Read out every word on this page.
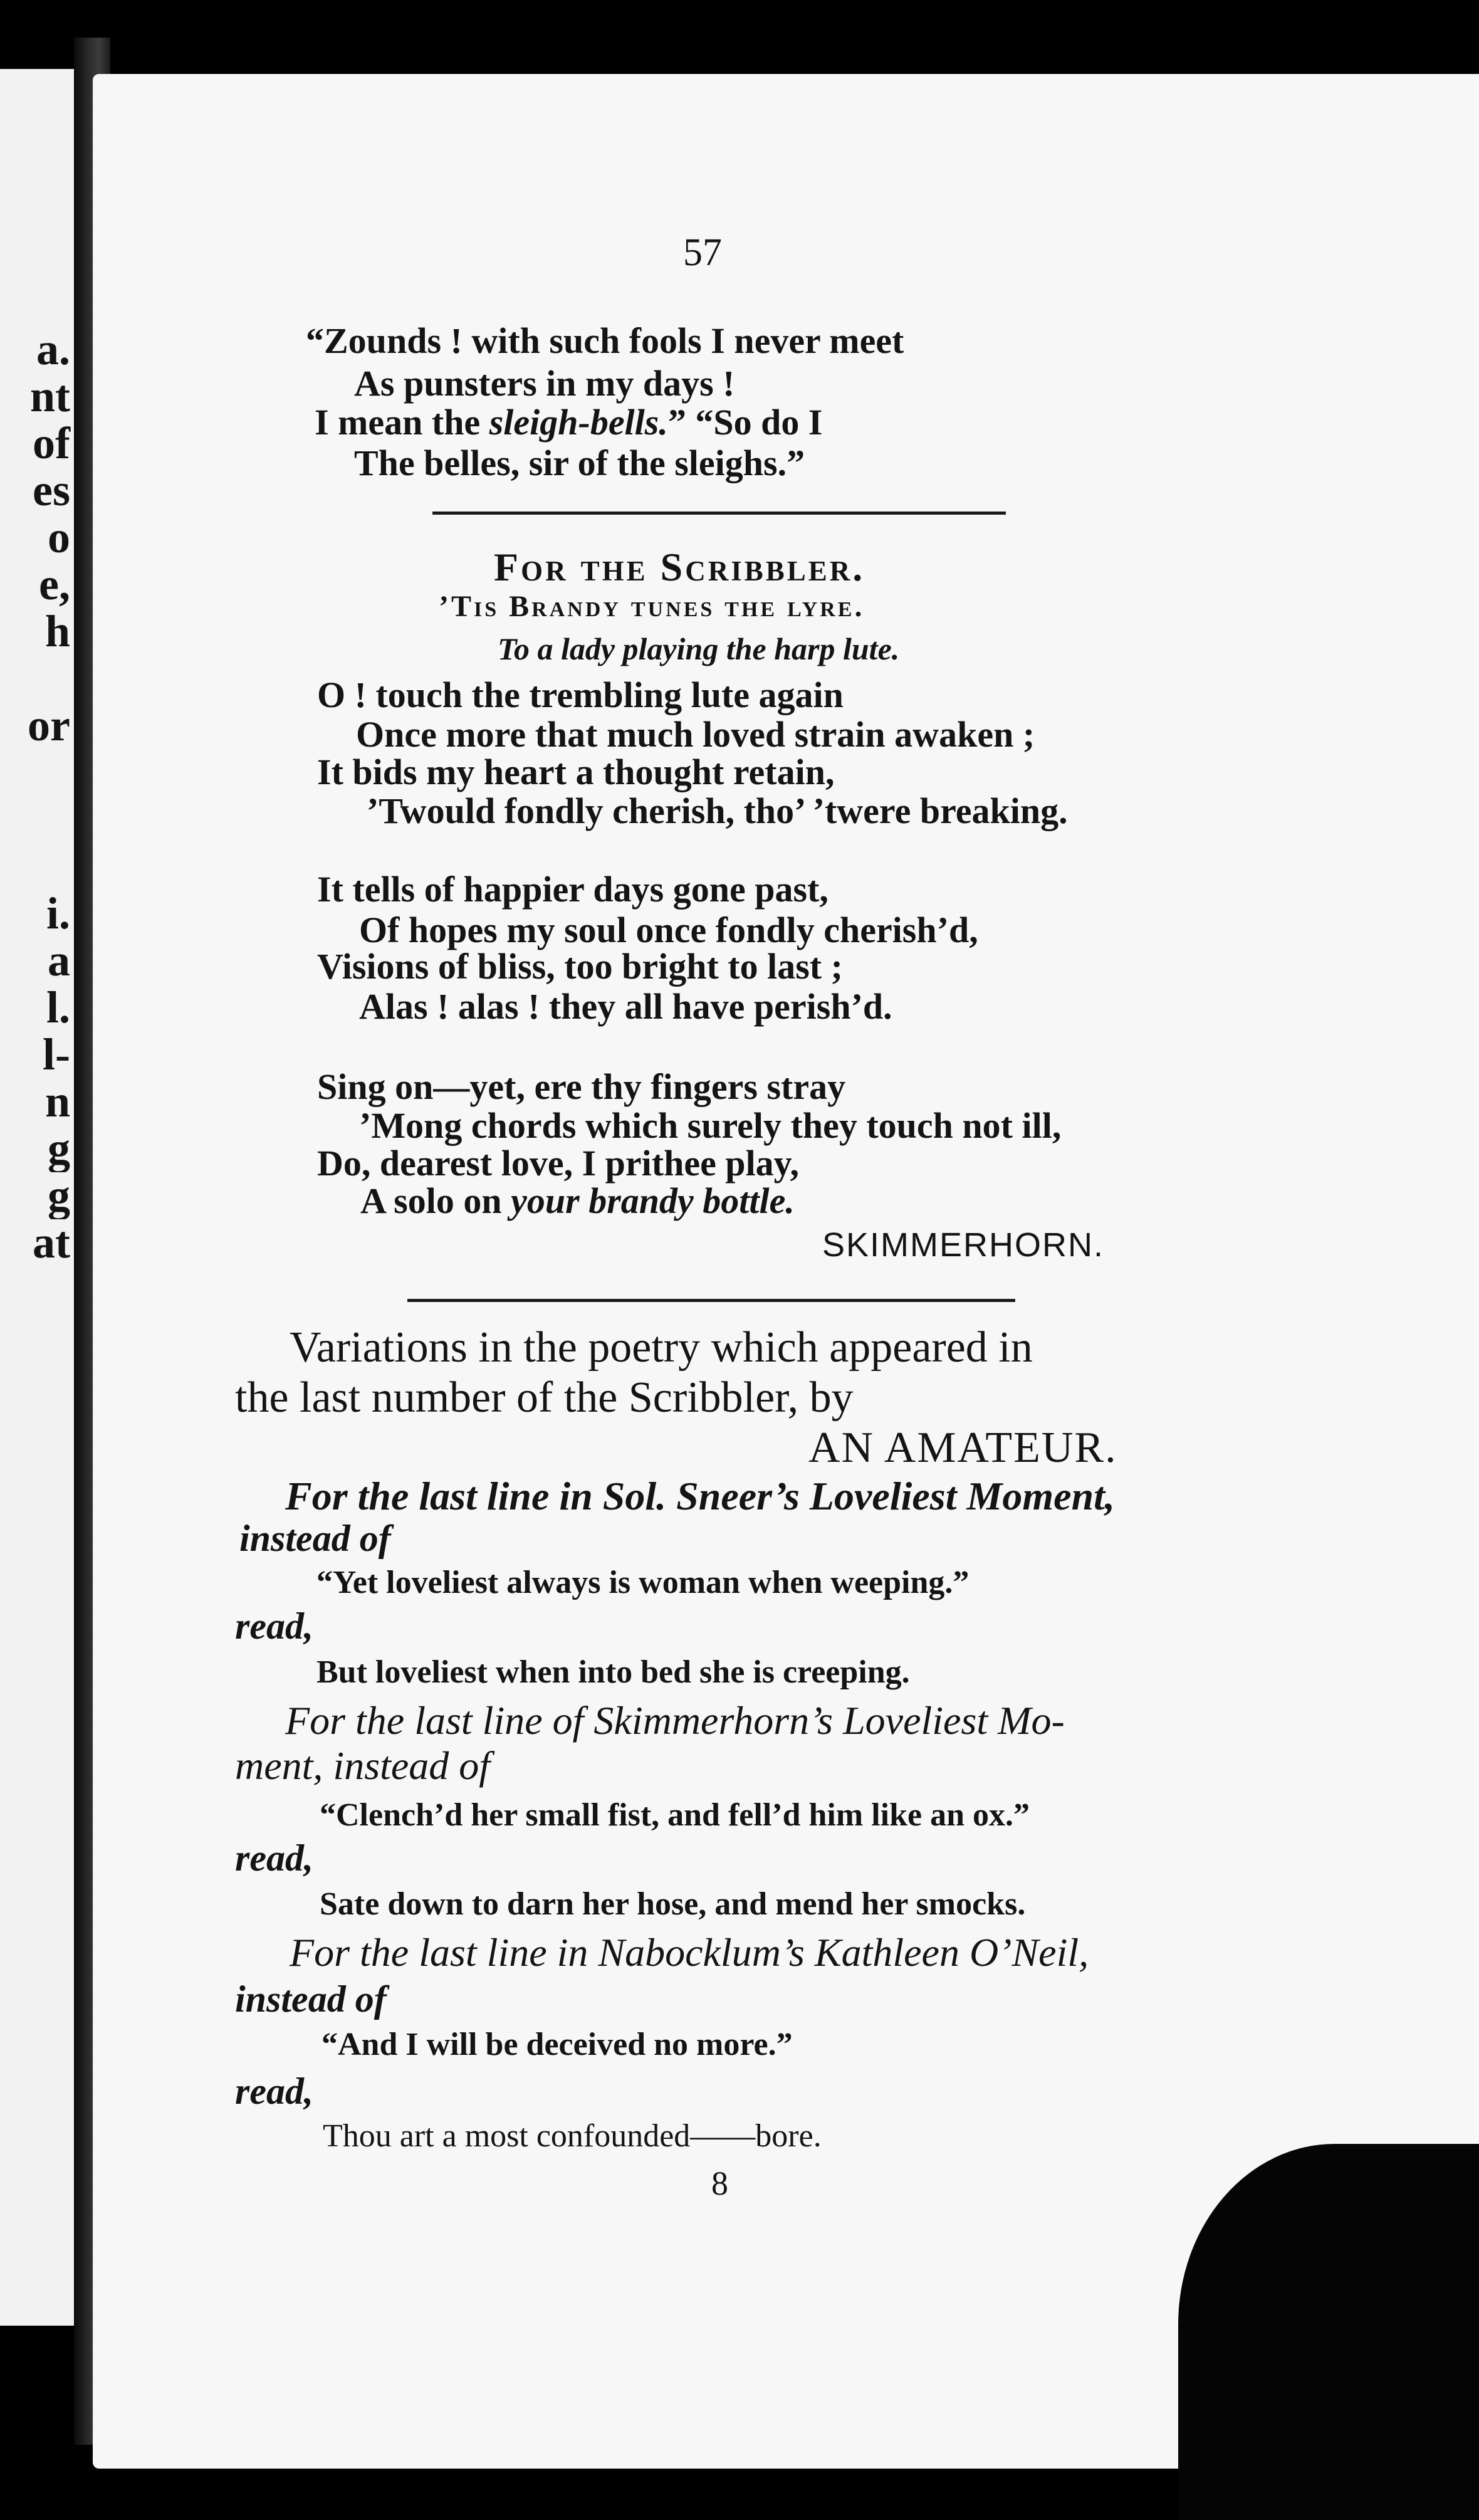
a.
nt
of
es
o
e,
h
or
i.
a
l.
l-
n
g
g
at
57
“Zounds ! with such fools I never meet
As punsters in my days !
I mean the sleigh-bells.” “So do I
The belles, sir of the sleighs.”
For the Scribbler.
’Tis Brandy tunes the lyre.
To a lady playing the harp lute.
O ! touch the trembling lute again
Once more that much loved strain awaken ;
It bids my heart a thought retain,
’Twould fondly cherish, tho’ ’twere breaking.
It tells of happier days gone past,
Of hopes my soul once fondly cherish’d,
Visions of bliss, too bright to last ;
Alas ! alas ! they all have perish’d.
Sing on—yet, ere thy fingers stray
’Mong chords which surely they touch not ill,
Do, dearest love, I prithee play,
A solo on your brandy bottle.
SKIMMERHORN.
Variations in the poetry which appeared in
the last number of the Scribbler, by
AN AMATEUR.
For the last line in Sol. Sneer’s Loveliest Moment,
instead of
“Yet loveliest always is woman when weeping.”
read,
But loveliest when into bed she is creeping.
For the last line of Skimmerhorn’s Loveliest Mo-
ment, instead of
“Clench’d her small fist, and fell’d him like an ox.”
read,
Sate down to darn her hose, and mend her smocks.
For the last line in Nabocklum’s Kathleen O’Neil,
instead of
“And I will be deceived no more.”
read,
Thou art a most confounded——bore.
8
